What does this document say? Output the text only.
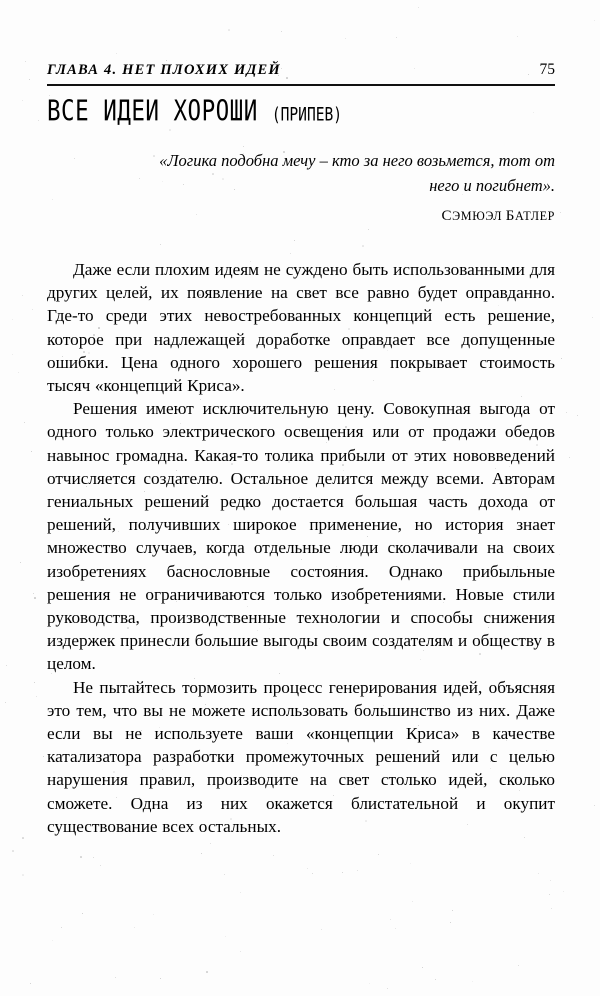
ГЛАВА 4. НЕТ ПЛОХИХ ИДЕЙ	75
ВСЕ ИДЕИ ХОРОШИ (ПРИПЕВ)
«Логика подобна мечу – кто за него возьмется, тот от него и погибнет».
СЭМЮЭЛ БАТЛЕР

Даже если плохим идеям не суждено быть использованными для других целей, их появление на свет все равно будет оправданно. Где-то среди этих невостребованных концепций есть решение, которое при надлежащей доработке оправдает все допущенные ошибки. Цена одного хорошего решения покрывает стоимость тысяч «концепций Криса».

Решения имеют исключительную цену. Совокупная выгода от одного только электрического освещения или от продажи обедов навынос громадна. Какая-то толика прибыли от этих нововведений отчисляется создателю. Остальное делится между всеми. Авторам гениальных решений редко достается большая часть дохода от решений, получивших широкое применение, но история знает множество случаев, когда отдельные люди сколачивали на своих изобретениях баснословные состояния. Однако прибыльные решения не ограничиваются только изобретениями. Новые стили руководства, производственные технологии и способы снижения издержек принесли большие выгоды своим создателям и обществу в целом.

Не пытайтесь тормозить процесс генерирования идей, объясняя это тем, что вы не можете использовать большинство из них. Даже если вы не используете ваши «концепции Криса» в качестве катализатора разработки промежуточных решений или с целью нарушения правил, производите на свет столько идей, сколько сможете. Одна из них окажется блистательной и окупит существование всех остальных.
